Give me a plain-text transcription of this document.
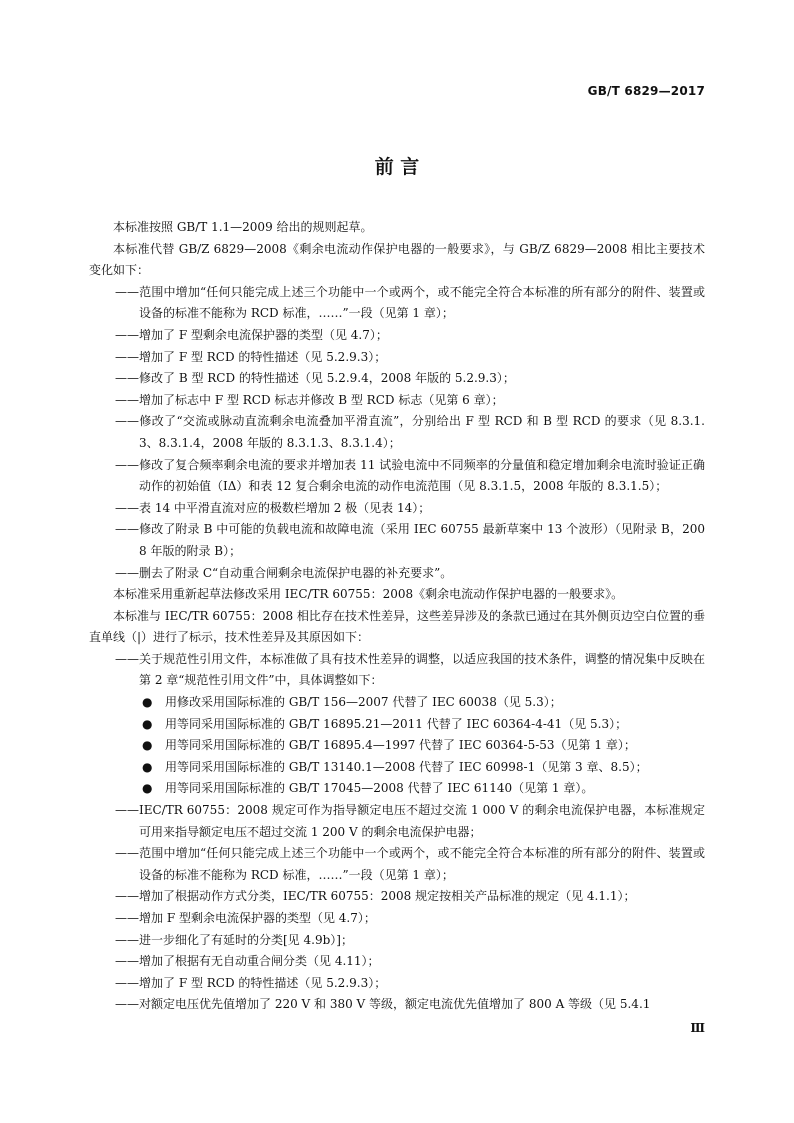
GB/T 6829—2017
前 言
本标准按照 GB/T 1.1—2009 给出的规则起草。
本标准代替 GB/Z 6829—2008《剩余电流动作保护电器的一般要求》，与 GB/Z 6829—2008 相比主要技术变化如下：
——范围中增加“任何只能完成上述三个功能中一个或两个，或不能完全符合本标准的所有部分的附件、装置或设备的标准不能称为 RCD 标准，……”一段（见第 1 章）；
——增加了 F 型剩余电流保护器的类型（见 4.7）；
——增加了 F 型 RCD 的特性描述（见 5.2.9.3）；
——修改了 B 型 RCD 的特性描述（见 5.2.9.4，2008 年版的 5.2.9.3）；
——增加了标志中 F 型 RCD 标志并修改 B 型 RCD 标志（见第 6 章）；
——修改了“交流或脉动直流剩余电流叠加平滑直流”，分别给出 F 型 RCD 和 B 型 RCD 的要求（见 8.3.1.3、8.3.1.4，2008 年版的 8.3.1.3、8.3.1.4）；
——修改了复合频率剩余电流的要求并增加表 11 试验电流中不同频率的分量值和稳定增加剩余电流时验证正确动作的初始值（IΔ）和表 12 复合剩余电流的动作电流范围（见 8.3.1.5，2008 年版的 8.3.1.5）；
——表 14 中平滑直流对应的极数栏增加 2 极（见表 14）；
——修改了附录 B 中可能的负载电流和故障电流（采用 IEC 60755 最新草案中 13 个波形）（见附录 B，2008 年版的附录 B）；
——删去了附录 C“自动重合闸剩余电流保护电器的补充要求”。
本标准采用重新起草法修改采用 IEC/TR 60755：2008《剩余电流动作保护电器的一般要求》。
本标准与 IEC/TR 60755：2008 相比存在技术性差异，这些差异涉及的条款已通过在其外侧页边空白位置的垂直单线（|）进行了标示，技术性差异及其原因如下：
——关于规范性引用文件，本标准做了具有技术性差异的调整，以适应我国的技术条件，调整的情况集中反映在第 2 章“规范性引用文件”中，具体调整如下：
● 用修改采用国际标准的 GB/T 156—2007 代替了 IEC 60038（见 5.3）；
● 用等同采用国际标准的 GB/T 16895.21—2011 代替了 IEC 60364-4-41（见 5.3）；
● 用等同采用国际标准的 GB/T 16895.4—1997 代替了 IEC 60364-5-53（见第 1 章）；
● 用等同采用国际标准的 GB/T 13140.1—2008 代替了 IEC 60998-1（见第 3 章、8.5）；
● 用等同采用国际标准的 GB/T 17045—2008 代替了 IEC 61140（见第 1 章）。
——IEC/TR 60755：2008 规定可作为指导额定电压不超过交流 1 000 V 的剩余电流保护电器，本标准规定可用来指导额定电压不超过交流 1 200 V 的剩余电流保护电器；
——范围中增加“任何只能完成上述三个功能中一个或两个，或不能完全符合本标准的所有部分的附件、装置或设备的标准不能称为 RCD 标准，……”一段（见第 1 章）；
——增加了根据动作方式分类，IEC/TR 60755：2008 规定按相关产品标准的规定（见 4.1.1）；
——增加 F 型剩余电流保护器的类型（见 4.7）；
——进一步细化了有延时的分类[见 4.9b）]；
——增加了根据有无自动重合闸分类（见 4.11）；
——增加了 F 型 RCD 的特性描述（见 5.2.9.3）；
——对额定电压优先值增加了 220 V 和 380 V 等级，额定电流优先值增加了 800 A 等级（见 5.4.1
Ⅲ
